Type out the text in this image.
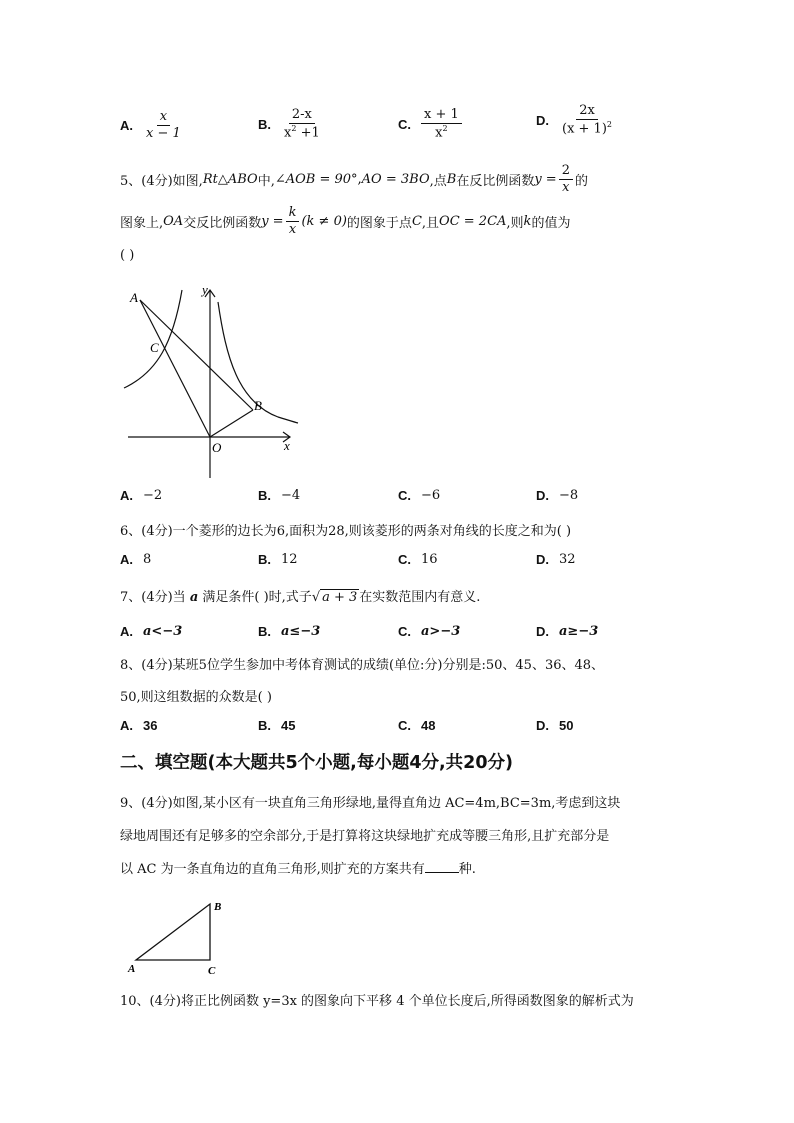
A. $\frac{x}{x - 1}$	B. $\frac{2-x}{x^2 +1}$	C. $\frac{x + 1}{x^2}$	D. $\frac{2x}{(x + 1)^2}$
5、(4分)如图, Rt△ABO 中, ∠AOB = 90° , AO = 3BO ,点 B 在反比例函数 $y = \frac{2}{x}$ 的
图象上, OA 交反比例函数 $y = \frac{k}{x} (k \ne 0)$ 的图象于点 C ,且 OC = 2CA ,则 k 的值为
( )
A
C
B
O	x
y
A. −2	B. −4	C. −6	D. −8
6、(4分)一个菱形的边长为6,面积为28,则该菱形的两条对角线的长度之和为( )
A. 8	B. 12	C. 16	D. 32
7、(4分)当 a 满足条件( )时,式子√ a + 3 在实数范围内有意义.
A. a<−3	B. a≤−3	C. a>−3	D. a≥−3
8、(4分)某班5位学生参加中考体育测试的成绩(单位:分)分别是:50、45、36、48、
50,则这组数据的众数是( )
A. 36	B. 45	C. 48	D. 50
二、填空题(本大题共5个小题,每小题4分,共20分)
9、(4分)如图,某小区有一块直角三角形绿地,量得直角边 AC=4m,BC=3m,考虑到这块
绿地周围还有足够多的空余部分,于是打算将这块绿地扩充成等腰三角形,且扩充部分是
以 AC 为一条直角边的直角三角形,则扩充的方案共有	种.
A
B
C
10、(4分)将正比例函数 y=3x 的图象向下平移 4 个单位长度后,所得函数图象的解析式为
